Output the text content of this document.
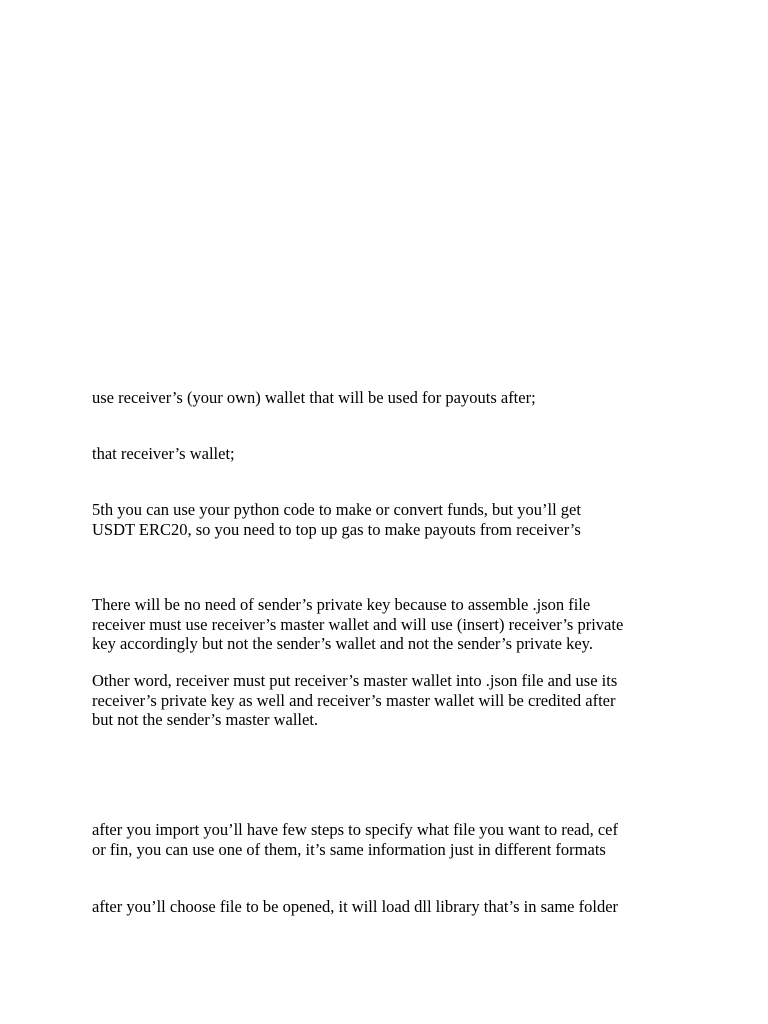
use receiver’s (your own) wallet that will be used for payouts after;

that receiver’s wallet;

5th you can use your python code to make or convert funds, but you’ll get
USDT ERC20, so you need to top up gas to make payouts from receiver’s

There will be no need of sender’s private key because to assemble .json file
receiver must use receiver’s master wallet and will use (insert) receiver’s private
key accordingly but not the sender’s wallet and not the sender’s private key.

Other word, receiver must put receiver’s master wallet into .json file and use its
receiver’s private key as well and receiver’s master wallet will be credited after
but not the sender’s master wallet.

after you import you’ll have few steps to specify what file you want to read, cef
or fin, you can use one of them, it’s same information just in different formats

after you’ll choose file to be opened, it will load dll library that’s in same folder
